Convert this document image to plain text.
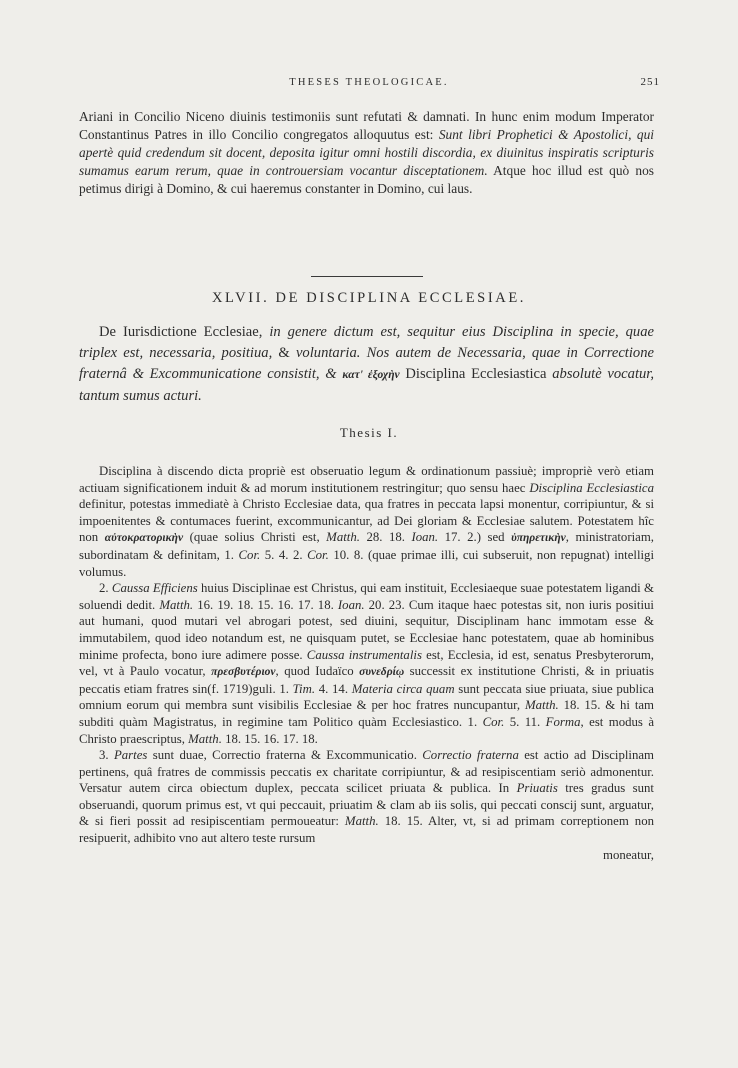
THESES THEOLOGICAE.	251
Ariani in Concilio Niceno diuinis testimoniis sunt refutati & damnati. In hunc enim modum Imperator Constantinus Patres in illo Concilio congregatos alloquutus est: Sunt libri Prophetici & Apostolici, qui apertè quid credendum sit docent, deposita igitur omni hostili discordia, ex diuinitus inspiratis scripturis sumamus earum rerum, quae in controuersiam vocantur disceptationem. Atque hoc illud est quò nos petimus dirigi à Domino, & cui haeremus constanter in Domino, cui laus.
XLVII. DE DISCIPLINA ECCLESIAE.
De Iurisdictione Ecclesiae, in genere dictum est, sequitur eius Disciplina in specie, quae triplex est, necessaria, positiua, & voluntaria. Nos autem de Necessaria, quae in Correctione fraternâ & Excommunicatione consistit, & κατ' ἐξοχὴν Disciplina Ecclesiastica absolutè vocatur, tantum sumus acturi.
Thesis I.

Disciplina à discendo dicta propriè est obseruatio legum & ordinationum passiuè; impropriè verò etiam actiuam significationem induit & ad morum institutionem restringitur; quo sensu haec Disciplina Ecclesiastica definitur, potestas immediatè à Christo Ecclesiae data, qua fratres in peccata lapsi monentur, corripiuntur, & si impoenitentes & contumaces fuerint, excommunicantur, ad Dei gloriam & Ecclesiae salutem. Potestatem hîc non αὐτοκρατορικὴν (quae solius Christi est, Matth. 28. 18. Ioan. 17. 2.) sed ὑπηρετικὴν, ministratoriam, subordinatam & definitam, 1. Cor. 5. 4. 2. Cor. 10. 8. (quae primae illi, cui subseruit, non repugnat) intelligi volumus.

2. Caussa Efficiens huius Disciplinae est Christus, qui eam instituit, Ecclesiaeque suae potestatem ligandi & soluendi dedit. Matth. 16. 19. 18. 15. 16. 17. 18. Ioan. 20. 23. Cum itaque haec potestas sit, non iuris positiui aut humani, quod mutari vel abrogari potest, sed diuini, sequitur, Disciplinam hanc immotam esse & immutabilem, quod ideo notandum est, ne quisquam putet, se Ecclesiae hanc potestatem, quae ab hominibus minime profecta, bono iure adimere posse. Caussa instrumentalis est, Ecclesia, id est, senatus Presbyterorum, vel, vt à Paulo vocatur, πρεσβυτέριον, quod Iudaïco συνεδρίῳ successit ex institutione Christi, & in priuatis peccatis etiam fratres sin(f. 1719)guli. 1. Tim. 4. 14. Materia circa quam sunt peccata siue priuata, siue publica omnium eorum qui membra sunt visibilis Ecclesiae & per hoc fratres nuncupantur, Matth. 18. 15. & hi tam subditi quàm Magistratus, in regimine tam Politico quàm Ecclesiastico. 1. Cor. 5. 11. Forma, est modus à Christo praescriptus, Matth. 18. 15. 16. 17. 18.

3. Partes sunt duae, Correctio fraterna & Excommunicatio. Correctio fraterna est actio ad Disciplinam pertinens, quâ fratres de commissis peccatis ex charitate corripiuntur, & ad resipiscentiam seriò admonentur. Versatur autem circa obiectum duplex, peccata scilicet priuata & publica. In Priuatis tres gradus sunt obseruandi, quorum primus est, vt qui peccauit, priuatim & clam ab iis solis, qui peccati conscij sunt, arguatur, & si fieri possit ad resipiscentiam permoueatur: Matth. 18. 15. Alter, vt, si ad primam correptionem non resipuerit, adhibito vno aut altero teste rursum

moneatur,
